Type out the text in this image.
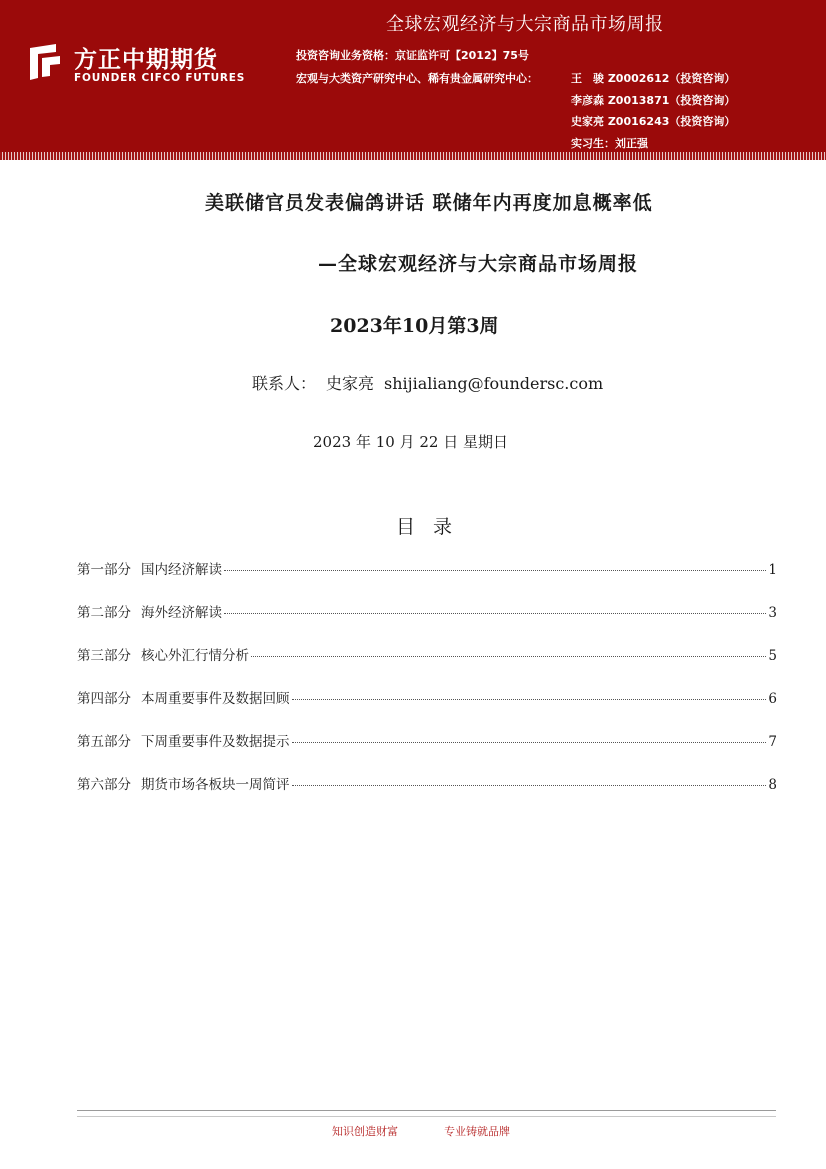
全球宏观经济与大宗商品市场周报
方正中期期货
FOUNDER CIFCO FUTURES
投资咨询业务资格：京证监许可【2012】75号
宏观与大类资产研究中心、稀有贵金属研究中心：	王　骏 Z0002612（投资咨询）
李彦森 Z0013871（投资咨询）
史家亮 Z0016243（投资咨询）
实习生：刘正强
美联储官员发表偏鸽讲话 联储年内再度加息概率低
—全球宏观经济与大宗商品市场周报
2023年10月第3周
联系人： 史家亮 shijialiang@foundersc.com
2023 年 10 月 22 日 星期日
目录
第一部分 国内经济解读	1
第二部分 海外经济解读	3
第三部分 核心外汇行情分析	5
第四部分 本周重要事件及数据回顾	6
第五部分 下周重要事件及数据提示	7
第六部分 期货市场各板块一周简评	8
知识创造财富	专业铸就品牌
